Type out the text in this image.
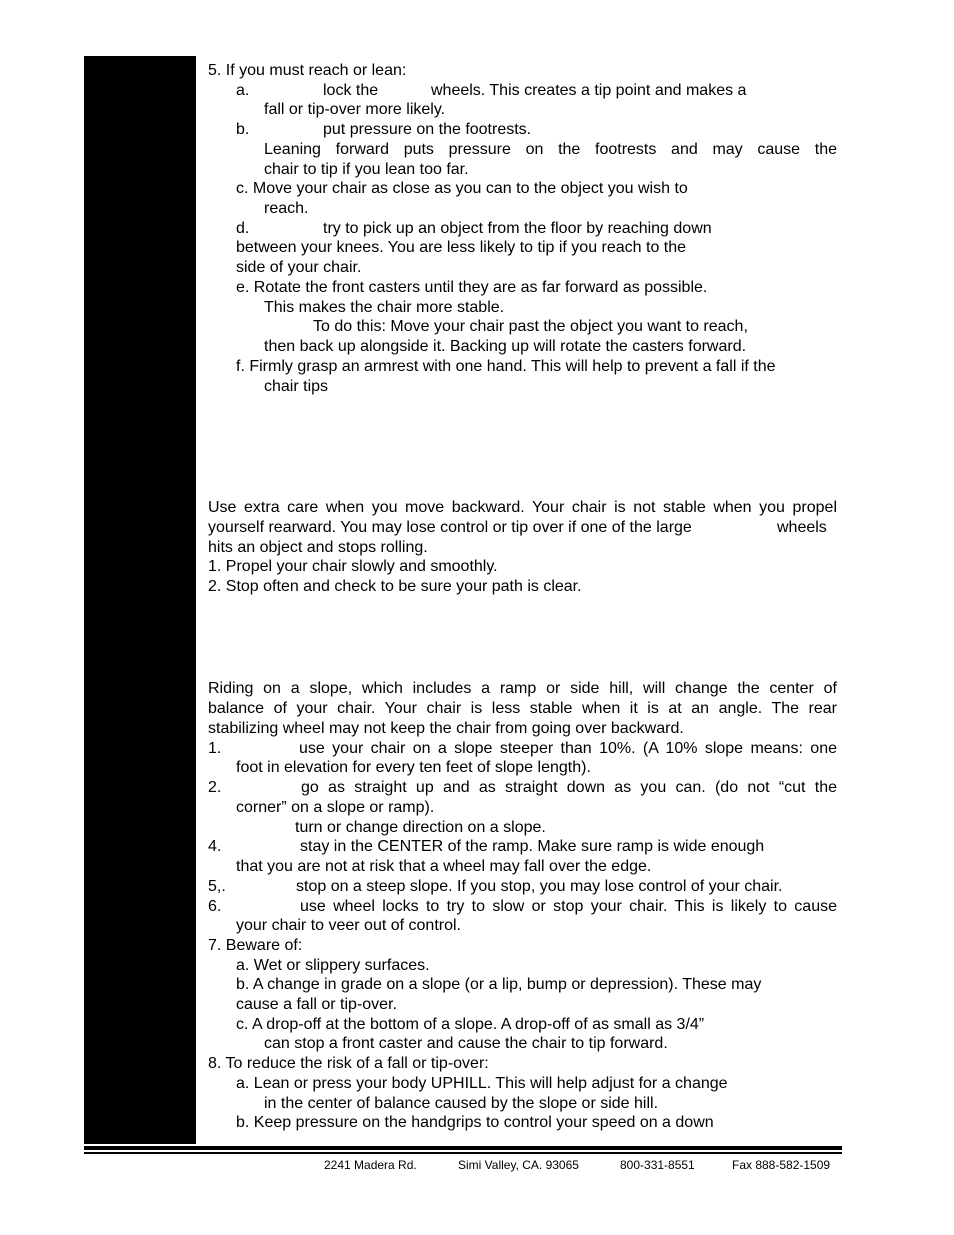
5. If you must reach or lean:
a.	lock the	wheels. This creates a tip point and makes a
fall or tip-over more likely.
b.	put pressure on the footrests.
Leaning forward puts pressure on the footrests and may cause the
chair to tip if you lean too far.
c. Move your chair as close as you can to the object you wish to
reach.
d.	try to pick up an object from the floor by reaching down
between your knees. You are less likely to tip if you reach to the
side of your chair.
e. Rotate the front casters until they are as far forward as possible.
This makes the chair more stable.
To do this: Move your chair past the object you want to reach,
then back up alongside it. Backing up will rotate the casters forward.
f. Firmly grasp an armrest with one hand. This will help to prevent a fall if the
chair tips
Use extra care when you move backward. Your chair is not stable when you propel
yourself rearward. You may lose control or tip over if one of the large	wheels
hits an object and stops rolling.
1. Propel your chair slowly and smoothly.
2. Stop often and check to be sure your path is clear.
Riding on a slope, which includes a ramp or side hill, will change the center of
balance of your chair. Your chair is less stable when it is at an angle. The rear
stabilizing wheel may not keep the chair from going over backward.
1.	use your chair on a slope steeper than 10%. (A 10% slope means: one
foot in elevation for every ten feet of slope length).
2.	go as straight up and as straight down as you can. (do not “cut the
corner” on a slope or ramp).
turn or change direction on a slope.
4.	stay in the CENTER of the ramp. Make sure ramp is wide enough
that you are not at risk that a wheel may fall over the edge.
5,.	stop on a steep slope. If you stop, you may lose control of your chair.
6.	use wheel locks to try to slow or stop your chair. This is likely to cause
your chair to veer out of control.
7. Beware of:
a. Wet or slippery surfaces.
b. A change in grade on a slope (or a lip, bump or depression). These may
cause a fall or tip-over.
c. A drop-off at the bottom of a slope. A drop-off of as small as 3/4”
can stop a front caster and cause the chair to tip forward.
8. To reduce the risk of a fall or tip-over:
a. Lean or press your body UPHILL. This will help adjust for a change
in the center of balance caused by the slope or side hill.
b. Keep pressure on the handgrips to control your speed on a down
2241 Madera Rd.	Simi Valley, CA. 93065	800-331-8551	Fax 888-582-1509
